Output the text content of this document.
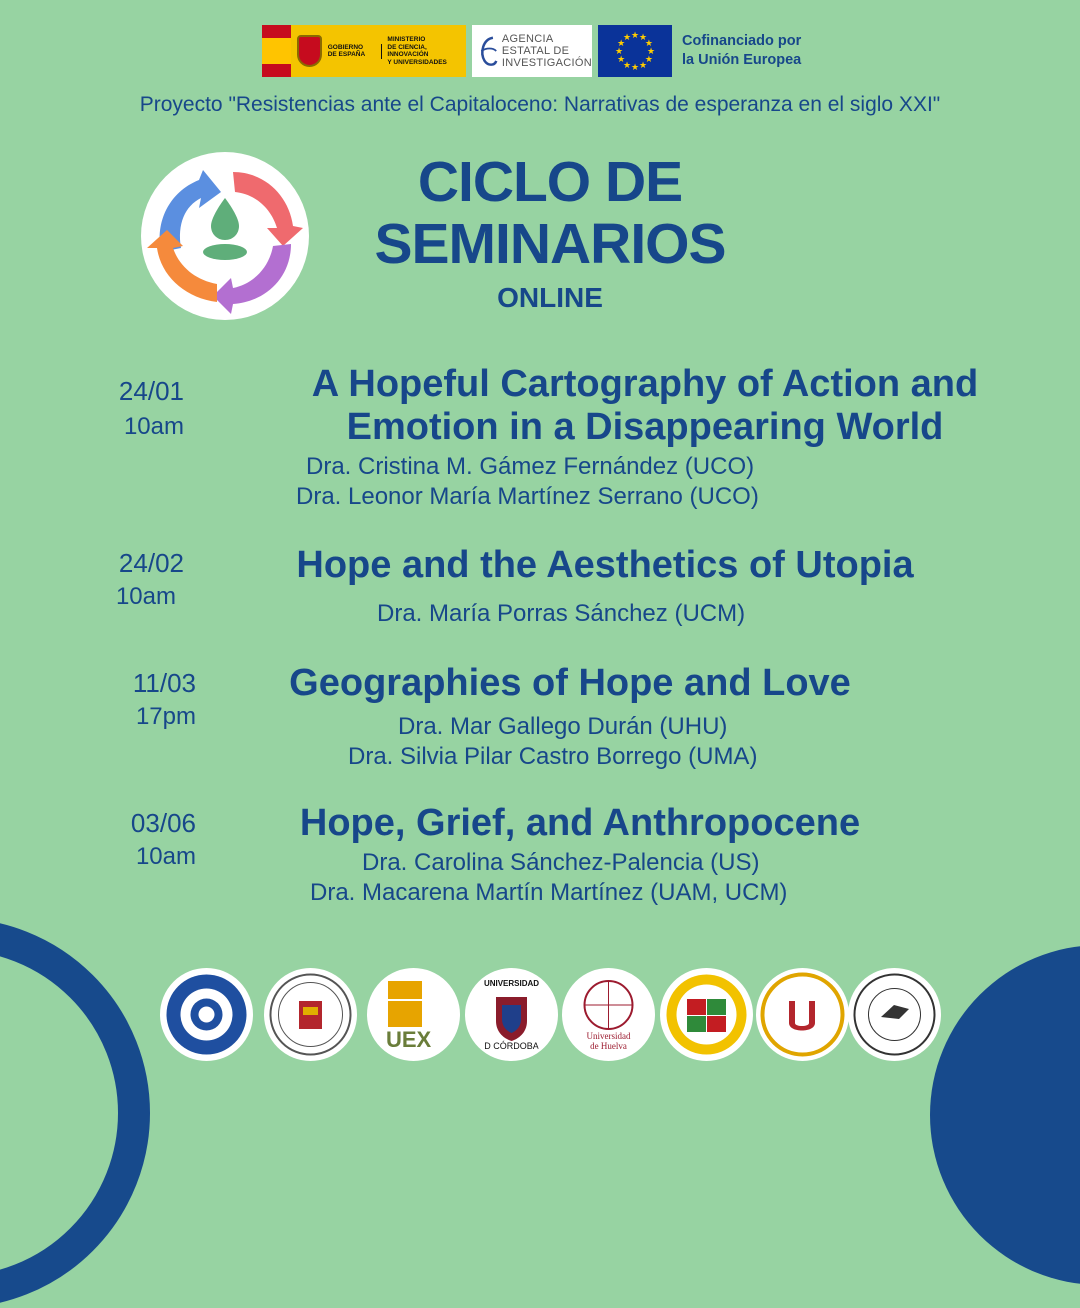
GOBIERNO
DE ESPAÑA
MINISTERIO
DE CIENCIA, INNOVACIÓN
Y UNIVERSIDADES
AGENCIA
ESTATAL DE
INVESTIGACIÓN
★
★
★
★
★
★
★
★
★ ★ ★
★ Cofinanciado por
la Unión Europea
Proyecto "Resistencias ante el Capitaloceno: Narrativas de esperanza en el siglo XXI"
CICLO DE
SEMINARIOS
ONLINE
24/01
10am
A Hopeful Cartography of Action and
Emotion in a Disappearing World
Dra. Cristina M. Gámez Fernández (UCO)
Dra. Leonor María Martínez Serrano (UCO)
24/02
10am
Hope and the Aesthetics of Utopia
Dra. María Porras Sánchez (UCM)
11/03
17pm
Geographies of Hope and Love
Dra. Mar Gallego Durán (UHU)
Dra. Silvia Pilar Castro Borrego (UMA)
03/06
10am
Hope, Grief, and Anthropocene
Dra. Carolina Sánchez-Palencia (US)
Dra. Macarena Martín Martínez (UAM, UCM)
UEX
UNIVERSIDAD
D CÓRDOBA
Universidad
de Huelva
